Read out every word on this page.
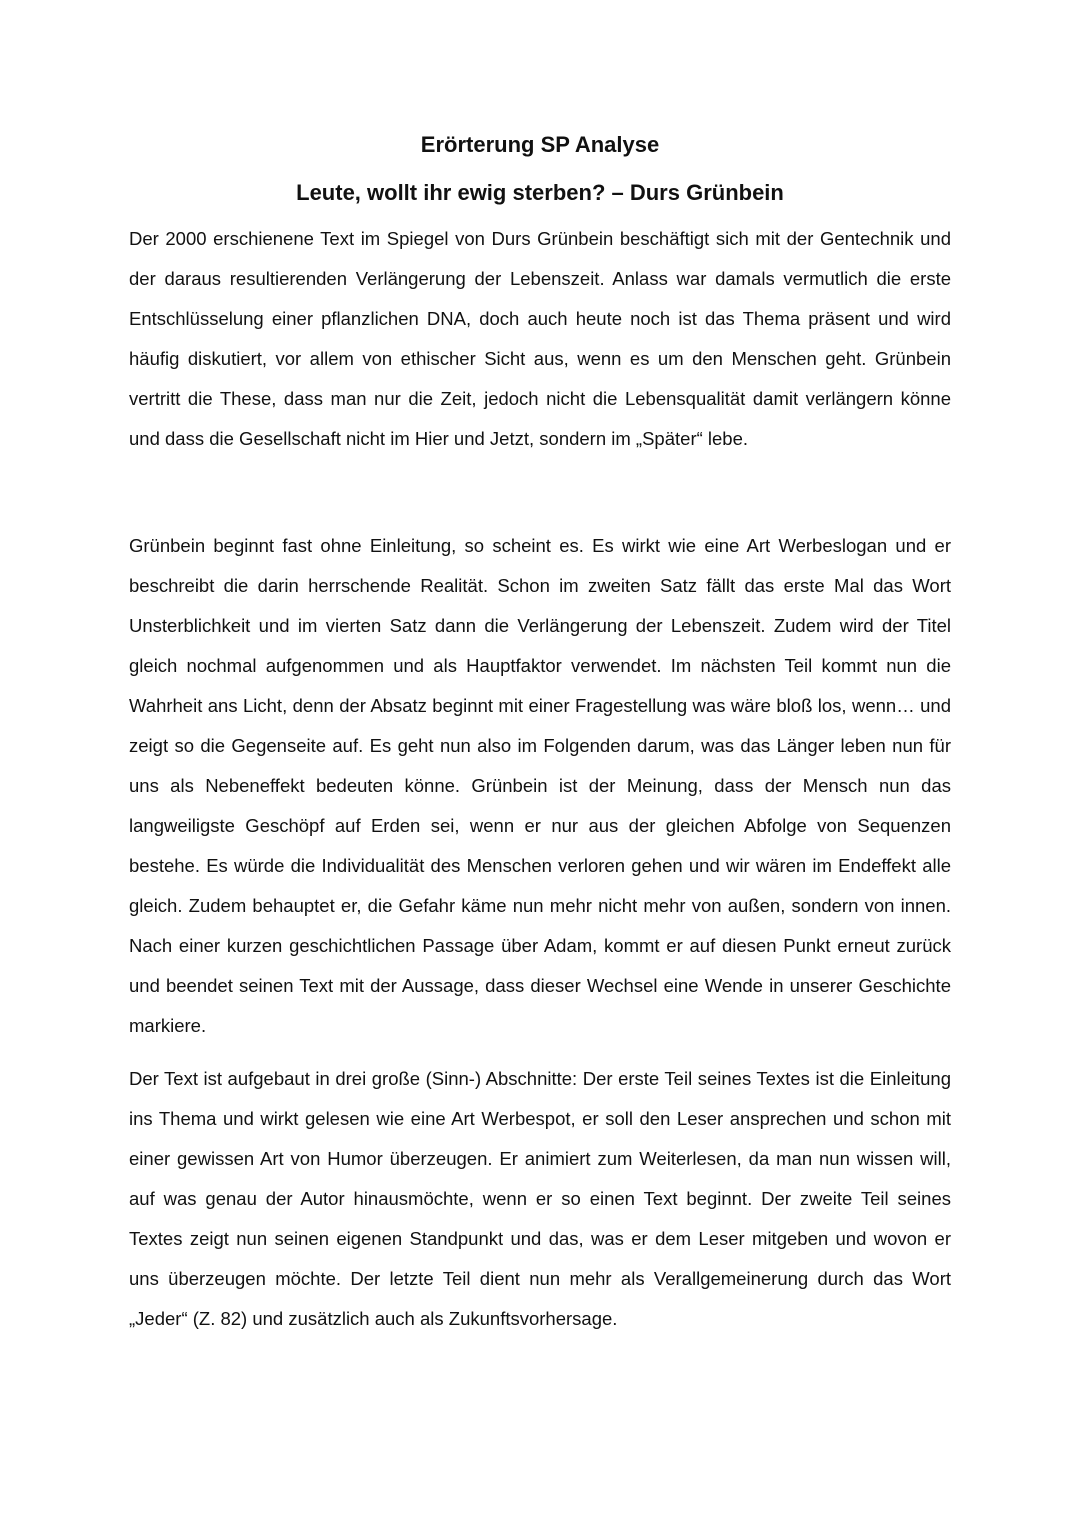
Erörterung SP Analyse
Leute, wollt ihr ewig sterben? – Durs Grünbein

Der 2000 erschienene Text im Spiegel von Durs Grünbein beschäftigt sich mit der Gentechnik und der daraus resultierenden Verlängerung der Lebenszeit. Anlass war damals vermutlich die erste Entschlüsselung einer pflanzlichen DNA, doch auch heute noch ist das Thema präsent und wird häufig diskutiert, vor allem von ethischer Sicht aus, wenn es um den Menschen geht. Grünbein vertritt die These, dass man nur die Zeit, jedoch nicht die Lebensqualität damit verlängern könne und dass die Gesellschaft nicht im Hier und Jetzt, sondern im „Später“ lebe.

Grünbein beginnt fast ohne Einleitung, so scheint es. Es wirkt wie eine Art Werbeslogan und er beschreibt die darin herrschende Realität. Schon im zweiten Satz fällt das erste Mal das Wort Unsterblichkeit und im vierten Satz dann die Verlängerung der Lebenszeit. Zudem wird der Titel gleich nochmal aufgenommen und als Hauptfaktor verwendet. Im nächsten Teil kommt nun die Wahrheit ans Licht, denn der Absatz beginnt mit einer Fragestellung was wäre bloß los, wenn… und zeigt so die Gegenseite auf. Es geht nun also im Folgenden darum, was das Länger leben nun für uns als Nebeneffekt bedeuten könne. Grünbein ist der Meinung, dass der Mensch nun das langweiligste Geschöpf auf Erden sei, wenn er nur aus der gleichen Abfolge von Sequenzen bestehe. Es würde die Individualität des Menschen verloren gehen und wir wären im Endeffekt alle gleich. Zudem behauptet er, die Gefahr käme nun mehr nicht mehr von außen, sondern von innen. Nach einer kurzen geschichtlichen Passage über Adam, kommt er auf diesen Punkt erneut zurück und beendet seinen Text mit der Aussage, dass dieser Wechsel eine Wende in unserer Geschichte markiere.

Der Text ist aufgebaut in drei große (Sinn-) Abschnitte: Der erste Teil seines Textes ist die Einleitung ins Thema und wirkt gelesen wie eine Art Werbespot, er soll den Leser ansprechen und schon mit einer gewissen Art von Humor überzeugen. Er animiert zum Weiterlesen, da man nun wissen will, auf was genau der Autor hinausmöchte, wenn er so einen Text beginnt. Der zweite Teil seines Textes zeigt nun seinen eigenen Standpunkt und das, was er dem Leser mitgeben und wovon er uns überzeugen möchte. Der letzte Teil dient nun mehr als Verallgemeinerung durch das Wort „Jeder“ (Z. 82) und zusätzlich auch als Zukunftsvorhersage.
